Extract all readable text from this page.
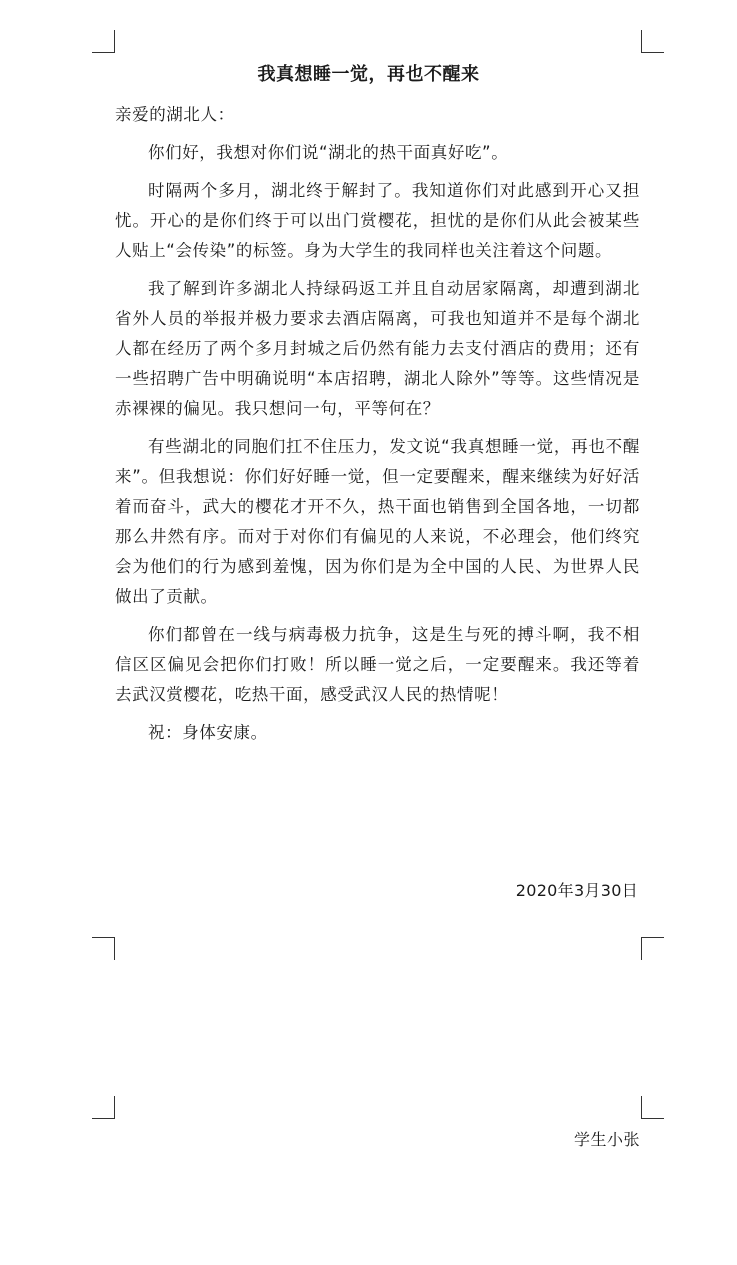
我真想睡一觉，再也不醒来

亲爱的湖北人：

你们好，我想对你们说“湖北的热干面真好吃”。

时隔两个多月，湖北终于解封了。我知道你们对此感到开心又担忧。开心的是你们终于可以出门赏樱花，担忧的是你们从此会被某些人贴上“会传染”的标签。身为大学生的我同样也关注着这个问题。

我了解到许多湖北人持绿码返工并且自动居家隔离，却遭到湖北省外人员的举报并极力要求去酒店隔离，可我也知道并不是每个湖北人都在经历了两个多月封城之后仍然有能力去支付酒店的费用；还有一些招聘广告中明确说明“本店招聘，湖北人除外”等等。这些情况是赤裸裸的偏见。我只想问一句，平等何在？

有些湖北的同胞们扛不住压力，发文说“我真想睡一觉，再也不醒来”。但我想说：你们好好睡一觉，但一定要醒来，醒来继续为好好活着而奋斗，武大的樱花才开不久，热干面也销售到全国各地，一切都那么井然有序。而对于对你们有偏见的人来说，不必理会，他们终究会为他们的行为感到羞愧，因为你们是为全中国的人民、为世界人民做出了贡献。

你们都曾在一线与病毒极力抗争，这是生与死的搏斗啊，我不相信区区偏见会把你们打败！所以睡一觉之后，一定要醒来。我还等着去武汉赏樱花，吃热干面，感受武汉人民的热情呢！

祝：身体安康。

2020年3月30日
学生小张
